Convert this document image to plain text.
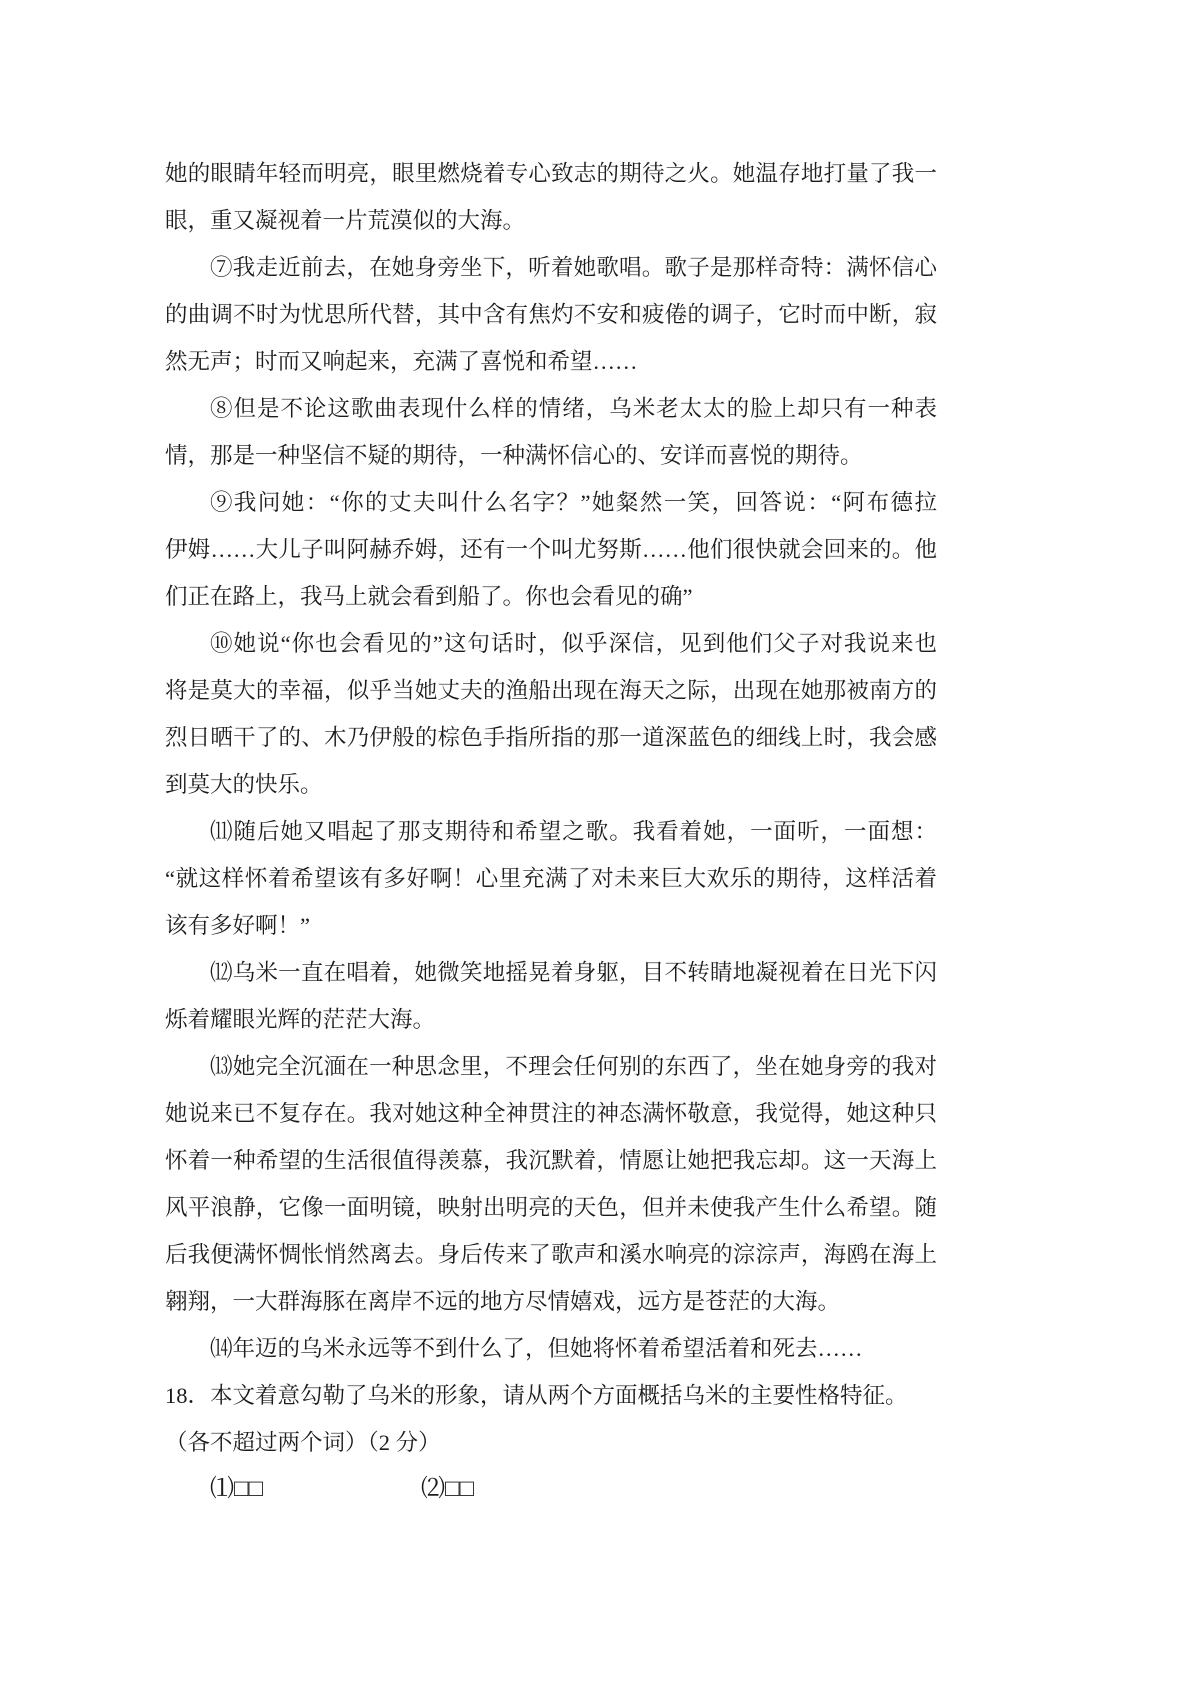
她的眼睛年轻而明亮，眼里燃烧着专心致志的期待之火。她温存地打量了我一
眼，重又凝视着一片荒漠似的大海。
⑦我走近前去，在她身旁坐下，听着她歌唱。歌子是那样奇特：满怀信心
的曲调不时为忧思所代替，其中含有焦灼不安和疲倦的调子，它时而中断，寂
然无声；时而又响起来，充满了喜悦和希望……
⑧但是不论这歌曲表现什么样的情绪，乌米老太太的脸上却只有一种表
情，那是一种坚信不疑的期待，一种满怀信心的、安详而喜悦的期待。
⑨我问她：“你的丈夫叫什么名字？”她粲然一笑，回答说：“阿布德拉
伊姆……大儿子叫阿赫乔姆，还有一个叫尤努斯……他们很快就会回来的。他
们正在路上，我马上就会看到船了。你也会看见的确”
⑩她说“你也会看见的”这句话时，似乎深信，见到他们父子对我说来也
将是莫大的幸福，似乎当她丈夫的渔船出现在海天之际，出现在她那被南方的
烈日晒干了的、木乃伊般的棕色手指所指的那一道深蓝色的细线上时，我会感
到莫大的快乐。
⑾随后她又唱起了那支期待和希望之歌。我看着她，一面听，一面想：
“就这样怀着希望该有多好啊！心里充满了对未来巨大欢乐的期待，这样活着
该有多好啊！”
⑿乌米一直在唱着，她微笑地摇晃着身躯，目不转睛地凝视着在日光下闪
烁着耀眼光辉的茫茫大海。
⒀她完全沉湎在一种思念里，不理会任何别的东西了，坐在她身旁的我对
她说来已不复存在。我对她这种全神贯注的神态满怀敬意，我觉得，她这种只
怀着一种希望的生活很值得羡慕，我沉默着，情愿让她把我忘却。这一天海上
风平浪静，它像一面明镜，映射出明亮的天色，但并未使我产生什么希望。随
后我便满怀惆怅悄然离去。身后传来了歌声和溪水响亮的淙淙声，海鸥在海上
翱翔，一大群海豚在离岸不远的地方尽情嬉戏，远方是苍茫的大海。
⒁年迈的乌米永远等不到什么了，但她将怀着希望活着和死去……
18．本文着意勾勒了乌米的形象，请从两个方面概括乌米的主要性格特征。
（各不超过两个词）（2 分）
⑴□□	⑵□□
